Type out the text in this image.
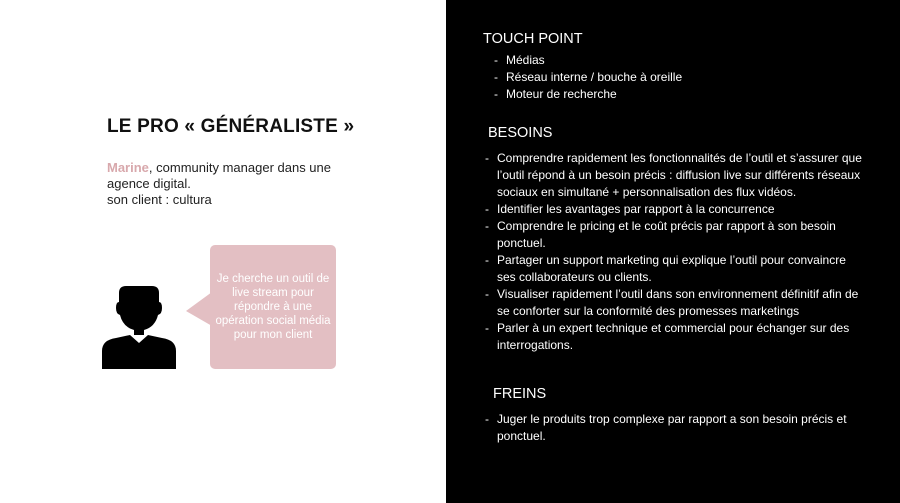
LE PRO « GÉNÉRALISTE »
Marine, community manager dans une agence digital.
son client : cultura
Je cherche un outil de live stream pour répondre à une opération social média pour mon client
TOUCH POINT
- Médias
- Réseau interne / bouche à oreille
- Moteur de recherche
BESOINS
- Comprendre rapidement les fonctionnalités de l’outil et s’assurer que l’outil répond à un besoin précis : diffusion live sur différents réseaux sociaux en simultané + personnalisation des flux vidéos.
- Identifier les avantages par rapport à la concurrence
- Comprendre le pricing et le coût précis par rapport à son besoin ponctuel.
- Partager un support marketing qui explique l’outil pour convaincre ses collaborateurs ou clients.
- Visualiser rapidement l’outil dans son environnement définitif afin de se conforter sur la conformité des promesses marketings
- Parler à un expert technique et commercial pour échanger sur des interrogations.
FREINS
- Juger le produits trop complexe par rapport a son besoin précis et ponctuel.
